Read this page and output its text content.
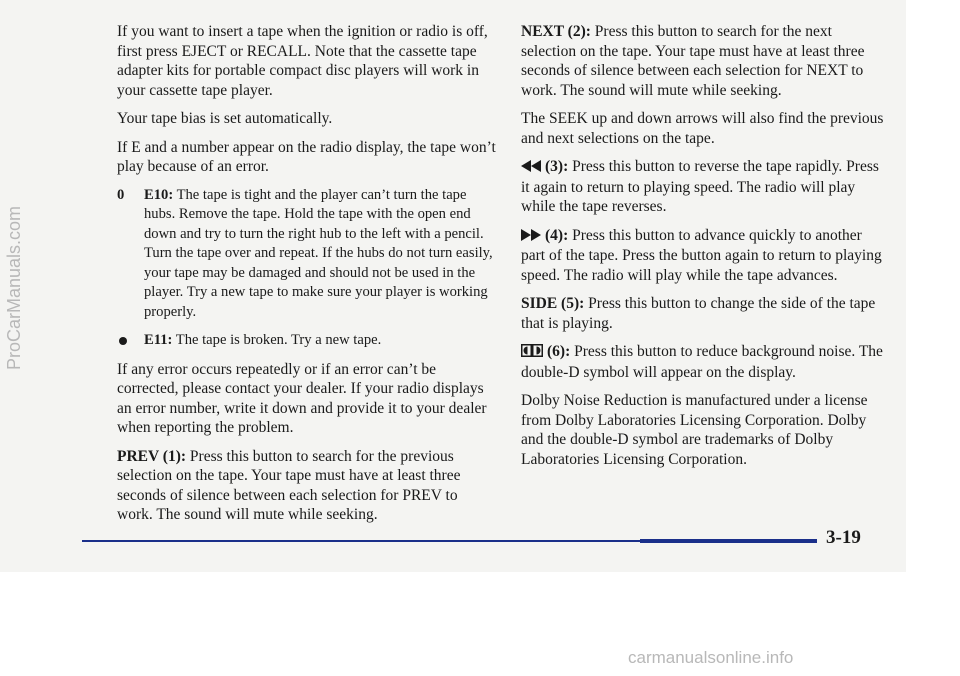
If you want to insert a tape when the ignition or radio is off, first press EJECT or RECALL. Note that the cassette tape adapter kits for portable compact disc players will work in your cassette tape player.

Your tape bias is set automatically.

If E and a number appear on the radio display, the tape won’t play because of an error.

0	E10: The tape is tight and the player can’t turn the tape hubs. Remove the tape. Hold the tape with the open end down and try to turn the right hub to the left with a pencil. Turn the tape over and repeat. If the hubs do not turn easily, your tape may be damaged and should not be used in the player. Try a new tape to make sure your player is working properly.
E11: The tape is broken. Try a new tape.

If any error occurs repeatedly or if an error can’t be corrected, please contact your dealer. If your radio displays an error number, write it down and provide it to your dealer when reporting the problem.

PREV (1): Press this button to search for the previous selection on the tape. Your tape must have at least three seconds of silence between each selection for PREV to work. The sound will mute while seeking.

NEXT (2): Press this button to search for the next selection on the tape. Your tape must have at least three seconds of silence between each selection for NEXT to work. The sound will mute while seeking.

The SEEK up and down arrows will also find the previous and next selections on the tape.

(3): Press this button to reverse the tape rapidly. Press it again to return to playing speed. The radio will play while the tape reverses.

(4): Press this button to advance quickly to another part of the tape. Press the button again to return to playing speed. The radio will play while the tape advances.

SIDE (5): Press this button to change the side of the tape that is playing.

(6): Press this button to reduce background noise. The double-D symbol will appear on the display.

Dolby Noise Reduction is manufactured under a license from Dolby Laboratories Licensing Corporation. Dolby and the double-D symbol are trademarks of Dolby Laboratories Licensing Corporation.

3-19
ProCarManuals.com
carmanualsonline.info
